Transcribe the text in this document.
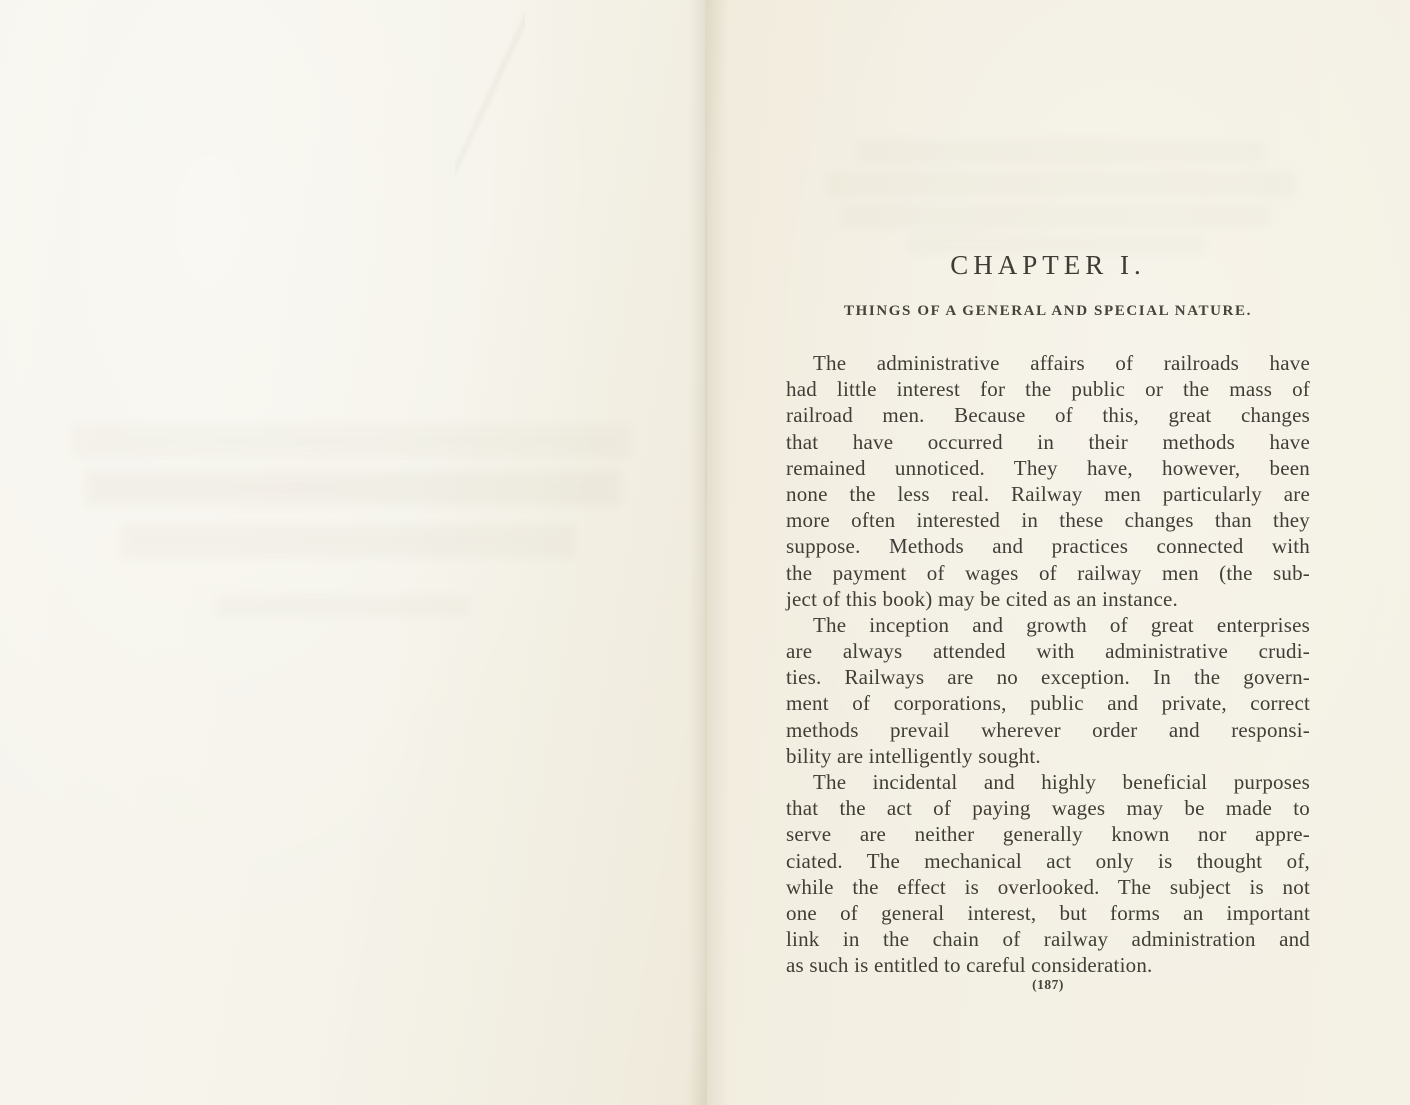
CHAPTER I.
THINGS OF A GENERAL AND SPECIAL NATURE.
The administrative affairs of railroads have
had little interest for the public or the mass of
railroad men. Because of this, great changes
that have occurred in their methods have
remained unnoticed. They have, however, been
none the less real. Railway men particularly are
more often interested in these changes than they
suppose. Methods and practices connected with
the payment of wages of railway men (the sub-
ject of this book) may be cited as an instance.
The inception and growth of great enterprises
are always attended with administrative crudi-
ties. Railways are no exception. In the govern-
ment of corporations, public and private, correct
methods prevail wherever order and responsi-
bility are intelligently sought.
The incidental and highly beneficial purposes
that the act of paying wages may be made to
serve are neither generally known nor appre-
ciated. The mechanical act only is thought of,
while the effect is overlooked. The subject is not
one of general interest, but forms an important
link in the chain of railway administration and
as such is entitled to careful consideration.
(187)
